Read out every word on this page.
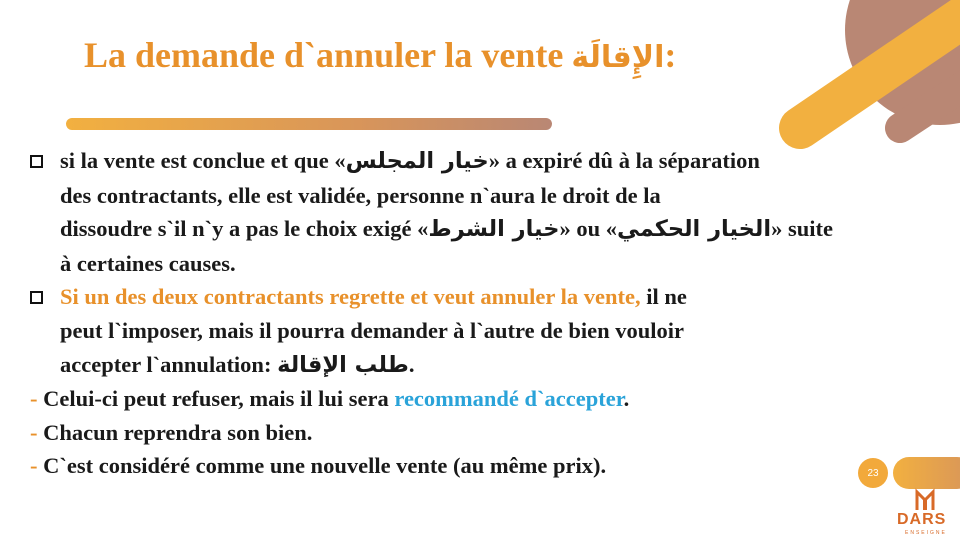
La demande d`annuler la vente الإِقالَة:
si la vente est conclue et que «خيار المجلس» a expiré dû à la séparation
des contractants, elle est validée, personne n`aura le droit de la
dissoudre s`il n`y a pas le choix exigé «خيار الشرط» ou «الخيار الحكمي» suite
à certaines causes.
Si un des deux contractants regrette et veut annuler la vente, il ne
peut l`imposer, mais il pourra demander à l`autre de bien vouloir
accepter l`annulation: طلب الإقالة.
- Celui-ci peut refuser, mais il lui sera recommandé d`accepter.
- Chacun reprendra son bien.
- C`est considéré comme une nouvelle vente (au même prix).	23
DARS
ENSEIGNE
